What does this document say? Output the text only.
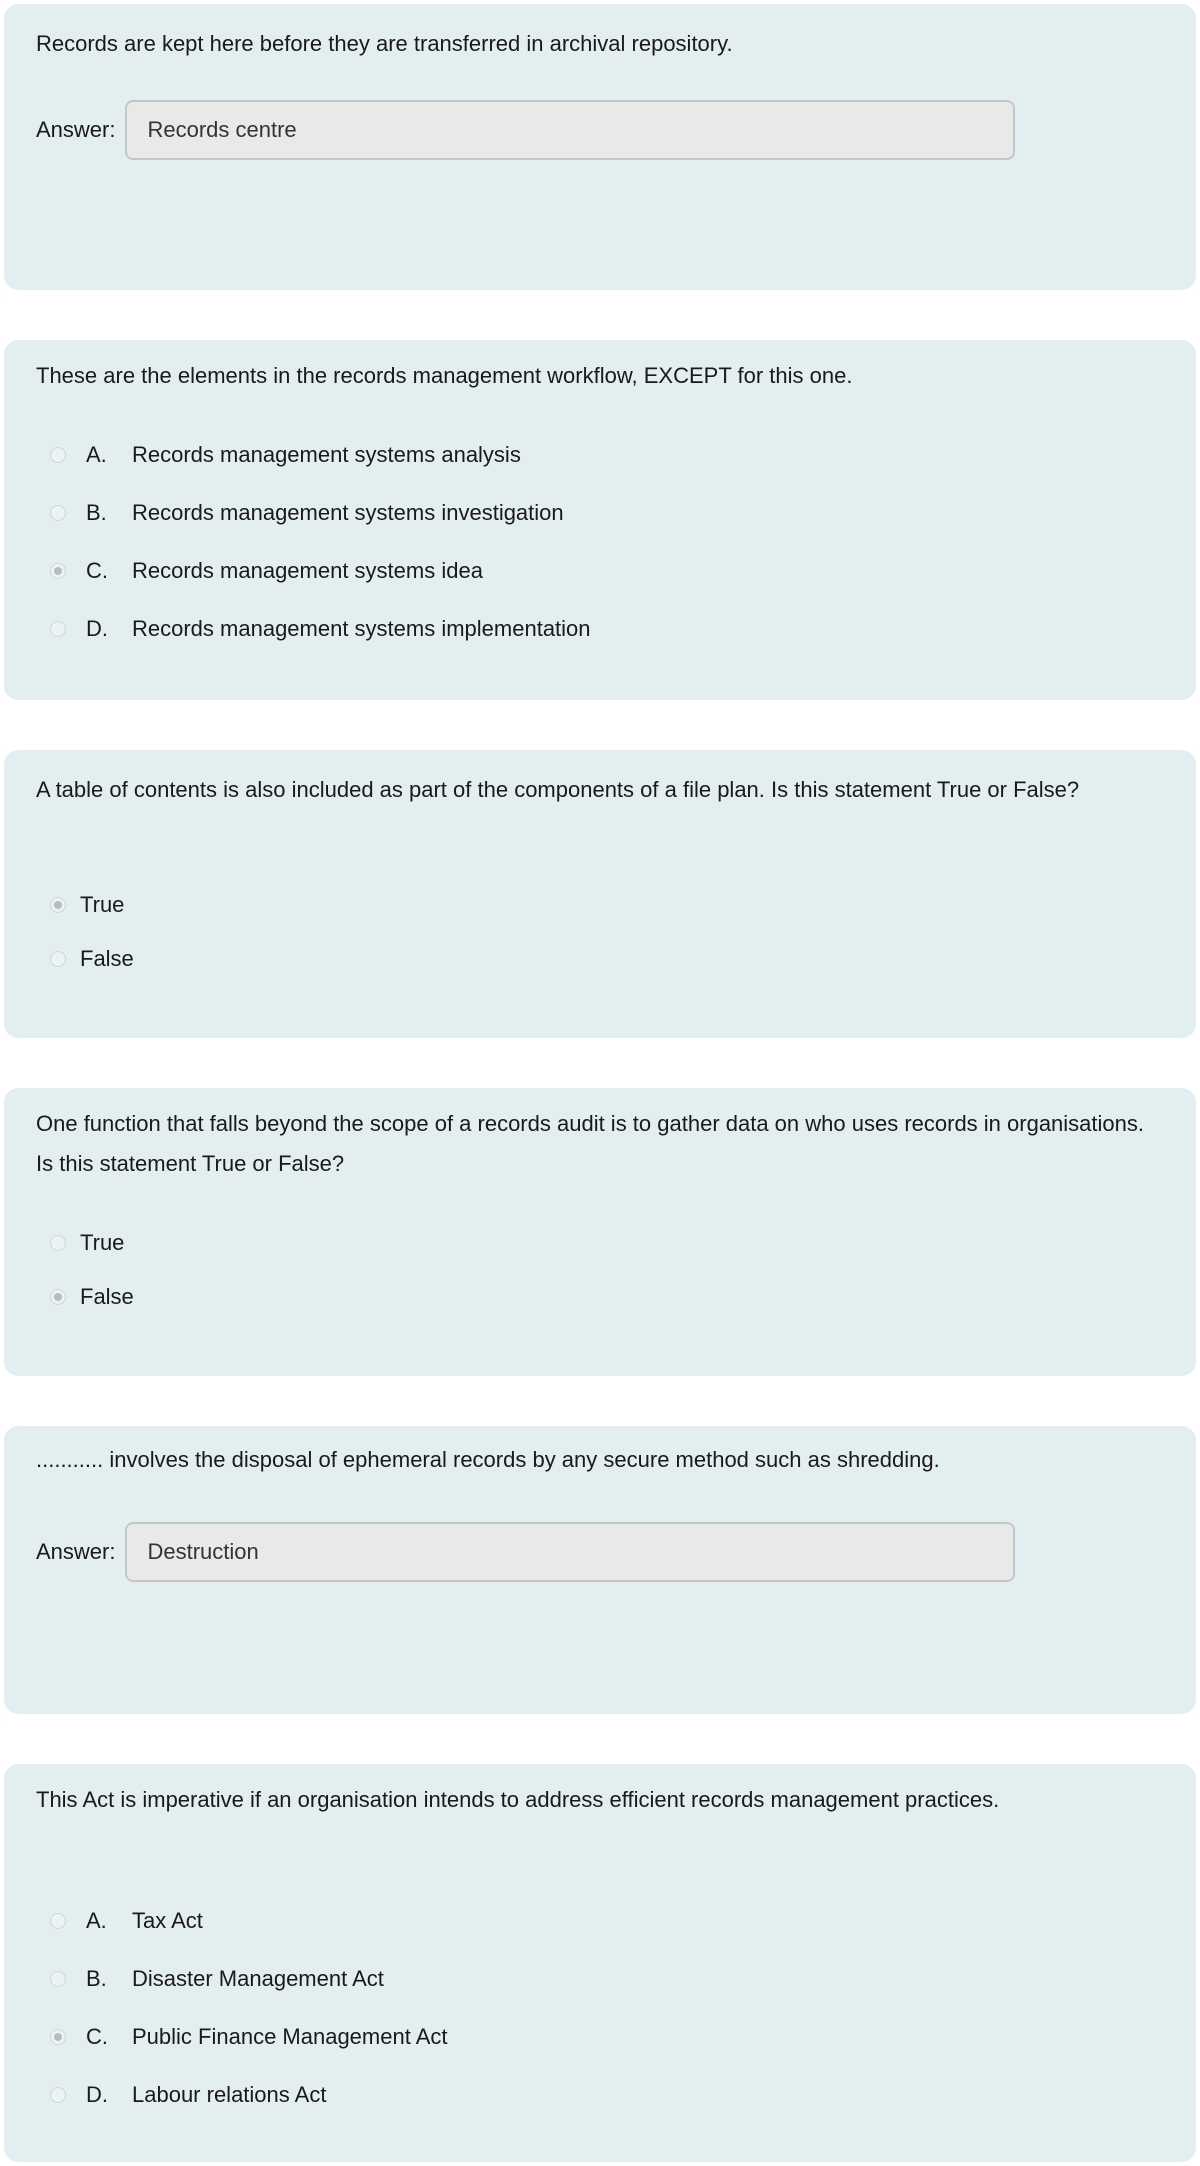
Records are kept here before they are transferred in archival repository.
Answer: Records centre
These are the elements in the records management workflow, EXCEPT for this one.
A.	Records management systems analysis
B.	Records management systems investigation
C.	Records management systems idea
D.	Records management systems implementation
A table of contents is also included as part of the components of a file plan. Is this statement True or False?
True
False
One function that falls beyond the scope of a records audit is to gather data on who uses records in organisations. Is this statement True or False?
True
False
........... involves the disposal of ephemeral records by any secure method such as shredding.
Answer: Destruction
This Act is imperative if an organisation intends to address efficient records management practices.
A.	Tax Act
B.	Disaster Management Act
C.	Public Finance Management Act
D.	Labour relations Act
